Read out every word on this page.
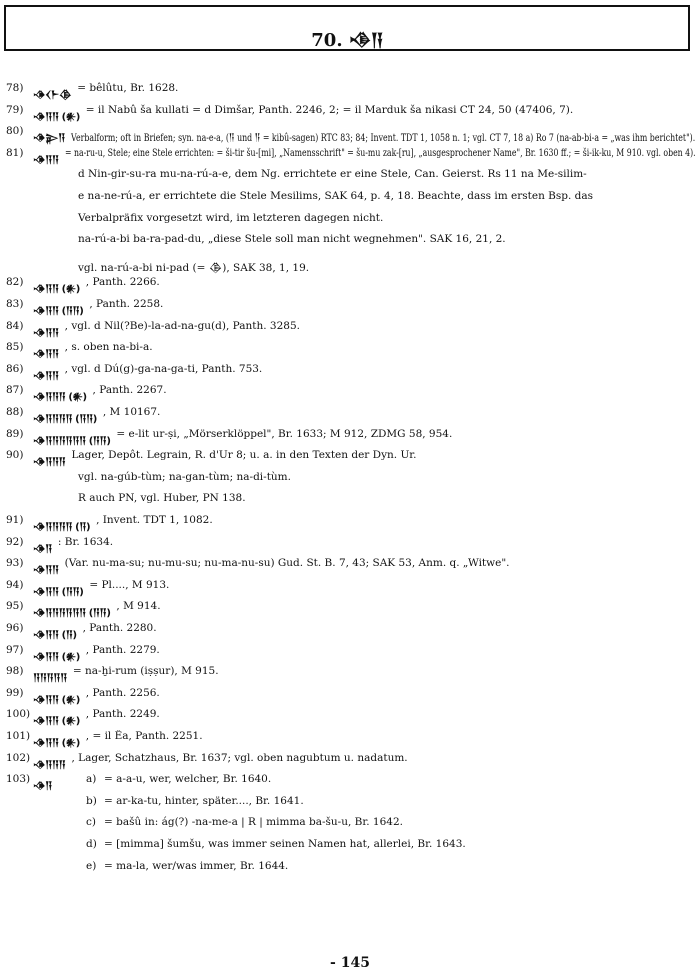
70. 𒈾𒀀
78)
𒈾𒌋𒈨𒆠
= bêlûtu, Br. 1628.
79)
𒈾𒀀𒀀 (𒀭)
= il Nabû ša kullati = d Dimšar, Panth. 2246, 2; = il Marduk ša nikasi CT 24, 50 (47406, 7).
80)
𒈾𒉌𒀀 Verbalform; oft in Briefen; syn. na-e-a, (𒀀 und 𒀀 = kibû-sagen) RTC 83; 84; Invent. TDT 1, 1058 n. 1; vgl. CT 7, 18 a) Ro 7 (na-ab-bi-a = „was ihm berichtet").
81)
𒈾𒀀𒀀
= na-ru-u, Stele; eine Stele errichten: = ši-tir šu-[mi], „Namensschrift" = šu-mu zak-[ru], „ausgesprochener Name", Br. 1630 ff.; = ši-ik-ku, M 910. vgl. oben 4).
d Nin-gir-su-ra mu-na-rú-a-e, dem Ng. errichtete er eine Stele, Can. Geierst. Rs 11 na Me-silim-
e na-ne-rú-a, er errichtete die Stele Mesilims, SAK 64, p. 4, 18. Beachte, dass im ersten Bsp. das
Verbalpräfix vorgesetzt wird, im letzteren dagegen nicht.
na-rú-a-bi ba-ra-pad-du, „diese Stele soll man nicht wegnehmen". SAK 16, 21, 2.
vgl. na-rú-a-bi ni-pad (= 𒆠), SAK 38, 1, 19.
82)
𒈾𒀀𒀀 (𒀭)
, Panth. 2266.
83)
𒈾𒀀𒀀 (𒀀𒀀)
, Panth. 2258.
84)
𒈾𒀀𒀀
, vgl. d Nil(?Be)-la-ad-na-gu(d), Panth. 3285.
85)
𒈾𒀀𒀀
, s. oben na-bi-a.
86)
𒈾𒀀𒀀
, vgl. d Dú(g)-ga-na-ga-ti, Panth. 753.
87)
𒈾𒀀𒀀𒀀 (𒀭)
, Panth. 2267.
88)
𒈾𒀀𒀀𒀀𒀀 (𒀀𒀀)
, M 10167.
89)
𒈾𒀀𒀀𒀀𒀀𒀀𒀀 (𒀀𒀀)
= e-lit ur-ṣi, „Mörserklöppel", Br. 1633; M 912, ZDMG 58, 954.
90)
𒈾𒀀𒀀𒀀
Lager, Depôt. Legrain, R. d'Ur 8; u. a. in den Texten der Dyn. Ur.
vgl. na-gúb-tùm; na-gan-tùm; na-di-tùm.
R auch PN, vgl. Huber, PN 138.
91)
𒈾𒀀𒀀𒀀𒀀 (𒀀)
, Invent. TDT 1, 1082.
92)
𒈾𒀀
: Br. 1634.
93)
𒈾𒀀𒀀
(Var. nu-ma-su; nu-mu-su; nu-ma-nu-su) Gud. St. B. 7, 43; SAK 53, Anm. q. „Witwe".
94)
𒈾𒀀𒀀 (𒀀𒀀)
= Pl...., M 913.
95)
𒈾𒀀𒀀𒀀𒀀𒀀𒀀 (𒀀𒀀)
, M 914.
96)
𒈾𒀀𒀀 (𒀀)
, Panth. 2280.
97)
𒈾𒀀𒀀 (𒀭)
, Panth. 2279.
98)
𒀀𒀀𒀀𒀀𒀀
= na-ḫi-rum (iṣṣur), M 915.
99)
𒈾𒀀𒀀 (𒀭)
, Panth. 2256.
100)
𒈾𒀀𒀀 (𒀭)
, Panth. 2249.
101)
𒈾𒀀𒀀 (𒀭)
, = il Êa, Panth. 2251.
102)
𒈾𒀀𒀀𒀀
, Lager, Schatzhaus, Br. 1637; vgl. oben nagubtum u. nadatum.
103)
𒈾𒀀
a) = a-a-u, wer, welcher, Br. 1640.
b) = ar-ka-tu, hinter, später...., Br. 1641.
c) = bašû in: ág(?) -na-me-a | R | mimma ba-šu-u, Br. 1642.
d) = [mimma] šumšu, was immer seinen Namen hat, allerlei, Br. 1643.
e) = ma-la, wer/was immer, Br. 1644.
- 145
